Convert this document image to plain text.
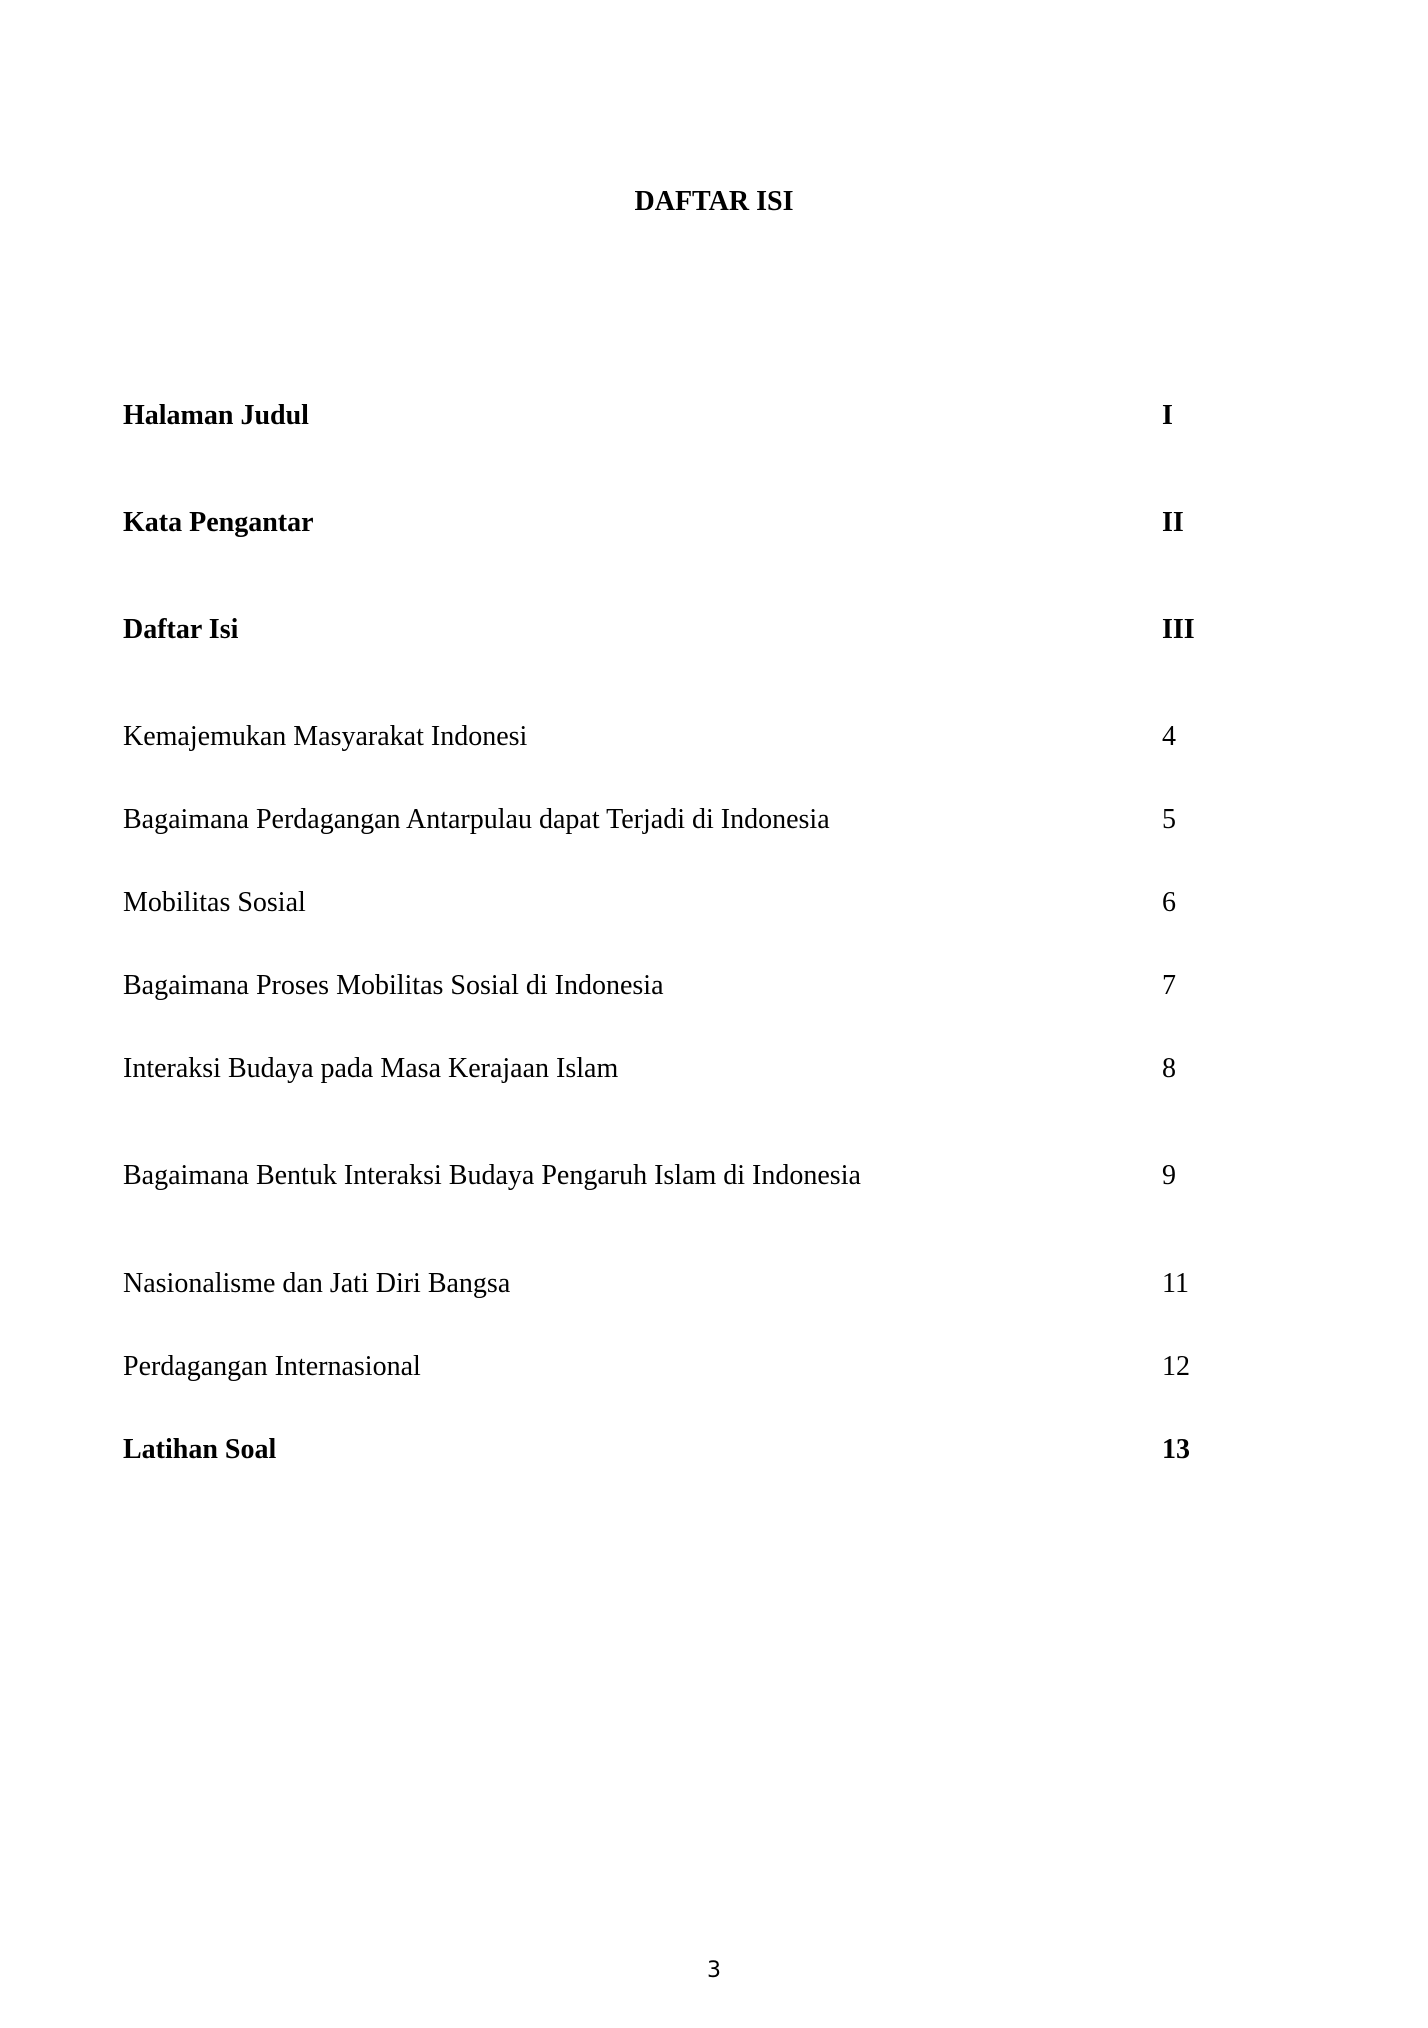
DAFTAR ISI
Halaman Judul	I
Kata Pengantar	II
Daftar Isi	III
Kemajemukan Masyarakat Indonesi	4
Bagaimana Perdagangan Antarpulau dapat Terjadi di Indonesia	5
Mobilitas Sosial	6
Bagaimana Proses Mobilitas Sosial di Indonesia	7
Interaksi Budaya pada Masa Kerajaan Islam	8
Bagaimana Bentuk Interaksi Budaya Pengaruh Islam di Indonesia	9
Nasionalisme dan Jati Diri Bangsa	11
Perdagangan Internasional	12
Latihan Soal	13
3
